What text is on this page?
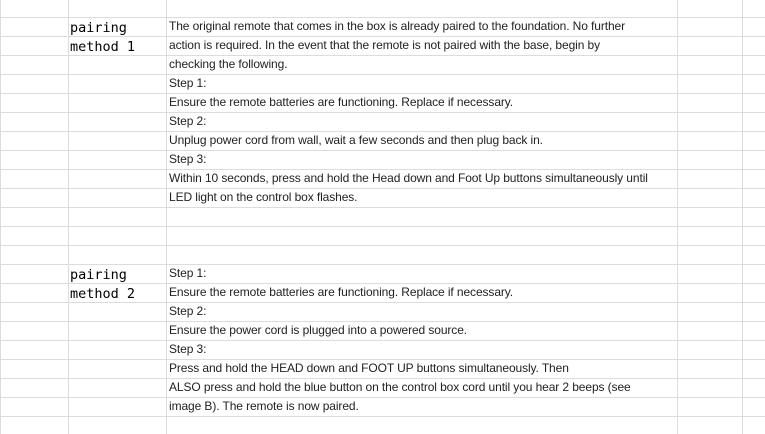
pairing
method 1
The original remote that comes in the box is already paired to the foundation. No further
action is required. In the event that the remote is not paired with the base, begin by
checking the following.
Step 1:
Ensure the remote batteries are functioning. Replace if necessary.
Step 2:
Unplug power cord from wall, wait a few seconds and then plug back in.
Step 3:
Within 10 seconds, press and hold the Head down and Foot Up buttons simultaneously until
LED light on the control box flashes.
pairing
method 2
Step 1:
Ensure the remote batteries are functioning. Replace if necessary.
Step 2:
Ensure the power cord is plugged into a powered source.
Step 3:
Press and hold the HEAD down and FOOT UP buttons simultaneously. Then
ALSO press and hold the blue button on the control box cord until you hear 2 beeps (see
image B). The remote is now paired.
